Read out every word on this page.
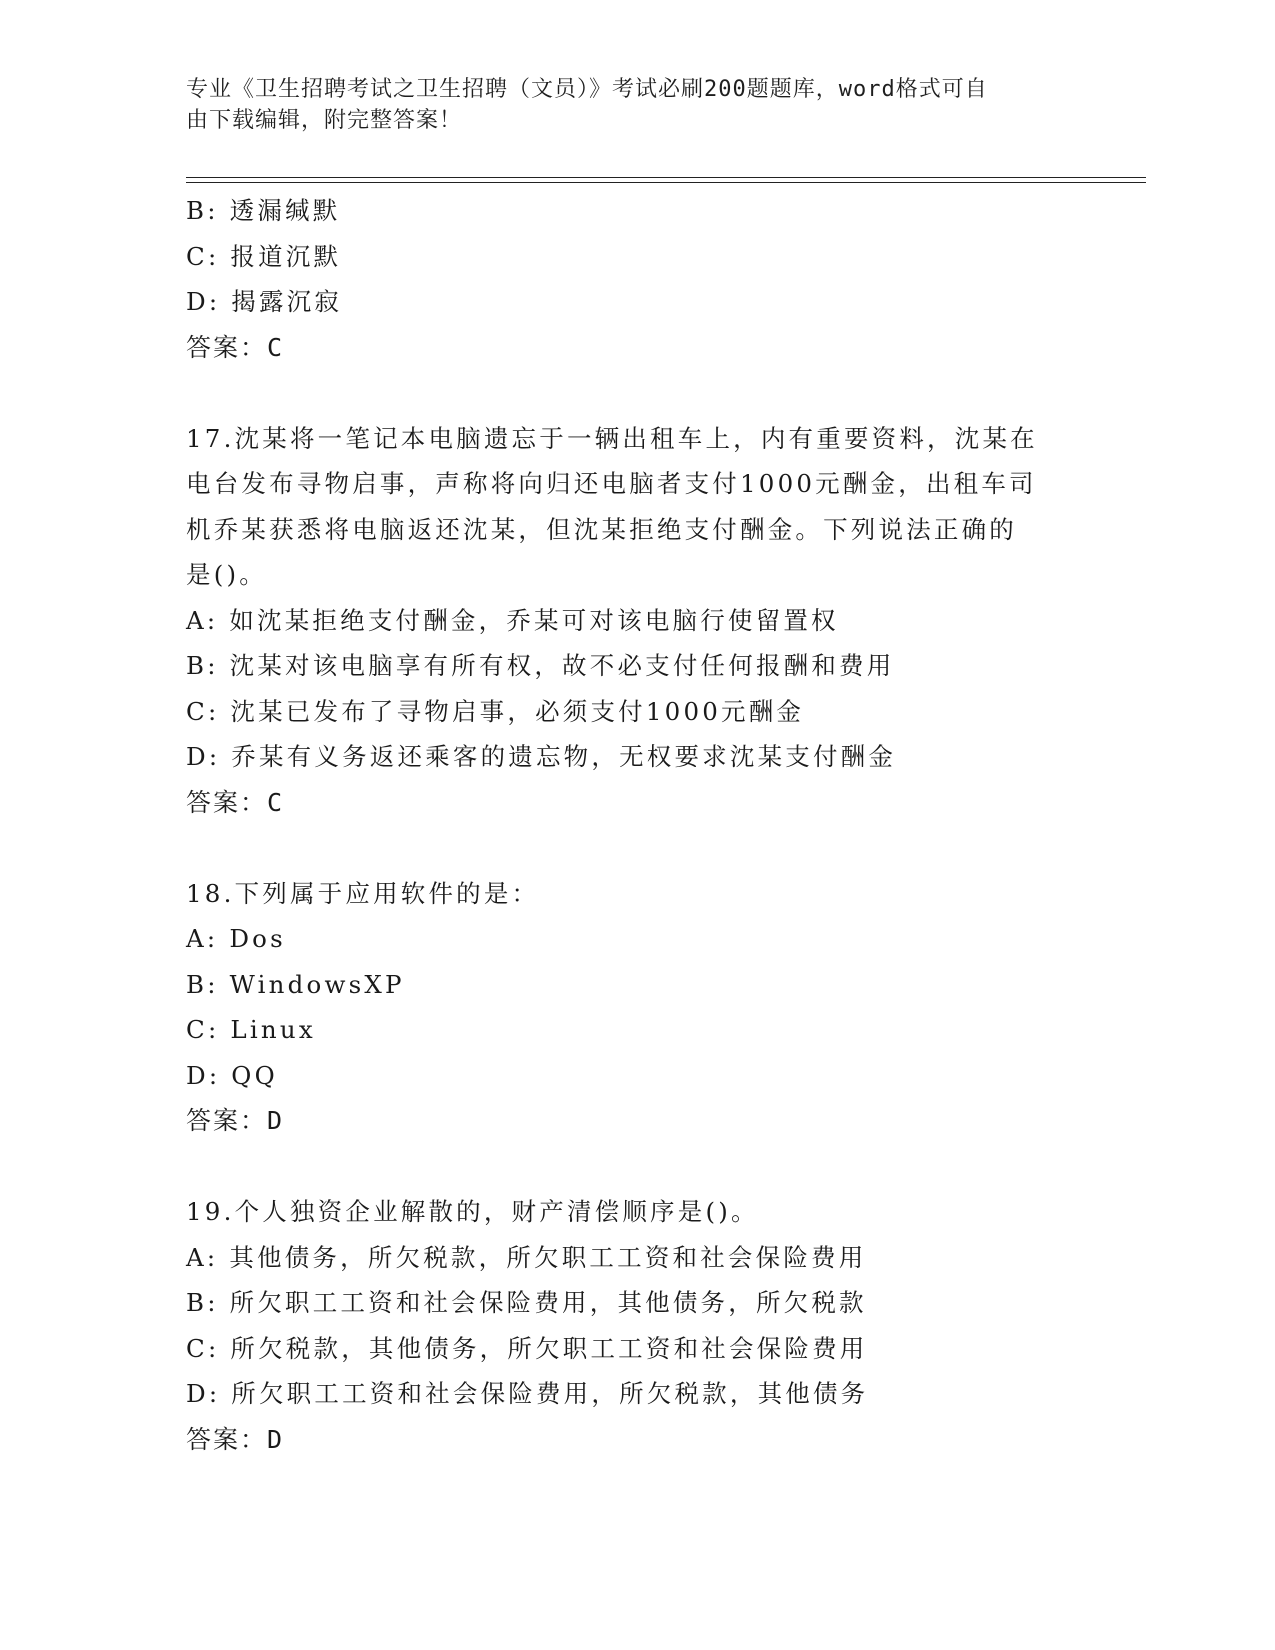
专业《卫生招聘考试之卫生招聘（文员）》考试必刷200题题库，word格式可自
由下载编辑，附完整答案！
B: 透漏缄默
C: 报道沉默
D: 揭露沉寂
答案：C
17.沈某将一笔记本电脑遗忘于一辆出租车上，内有重要资料，沈某在
电台发布寻物启事，声称将向归还电脑者支付1000元酬金，出租车司
机乔某获悉将电脑返还沈某，但沈某拒绝支付酬金。下列说法正确的
是()。
A: 如沈某拒绝支付酬金，乔某可对该电脑行使留置权
B: 沈某对该电脑享有所有权，故不必支付任何报酬和费用
C: 沈某已发布了寻物启事，必须支付1000元酬金
D: 乔某有义务返还乘客的遗忘物，无权要求沈某支付酬金
答案：C
18.下列属于应用软件的是：
A: Dos
B: WindowsXP
C: Linux
D: QQ
答案：D
19.个人独资企业解散的，财产清偿顺序是()。
A: 其他债务，所欠税款，所欠职工工资和社会保险费用
B: 所欠职工工资和社会保险费用，其他债务，所欠税款
C: 所欠税款，其他债务，所欠职工工资和社会保险费用
D: 所欠职工工资和社会保险费用，所欠税款，其他债务
答案：D
